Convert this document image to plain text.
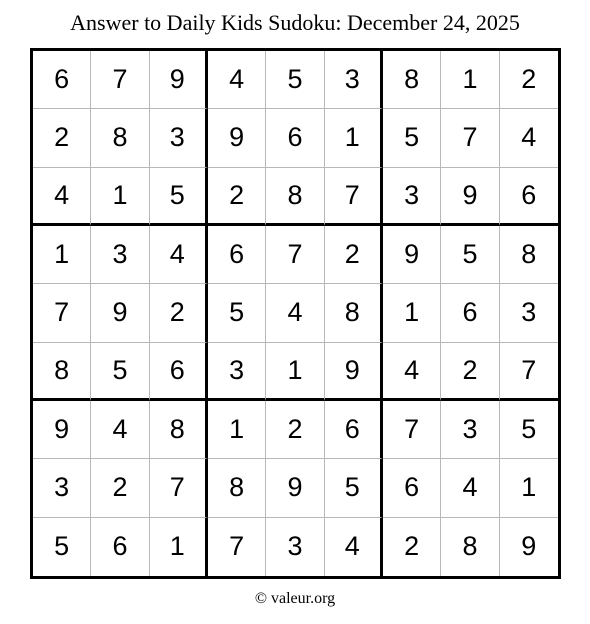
Answer to Daily Kids Sudoku: December 24, 2025
6	7	9	4	5	3	8	1	2
2	8	3	9	6	1	5	7	4
4	1	5	2	8	7	3	9	6
1	3	4	6	7	2	9	5	8
7	9	2	5	4	8	1	6	3
8	5	6	3	1	9	4	2	7
9	4	8	1	2	6	7	3	5
3	2	7	8	9	5	6	4	1
5	6	1	7	3	4	2	8	9
© valeur.org
